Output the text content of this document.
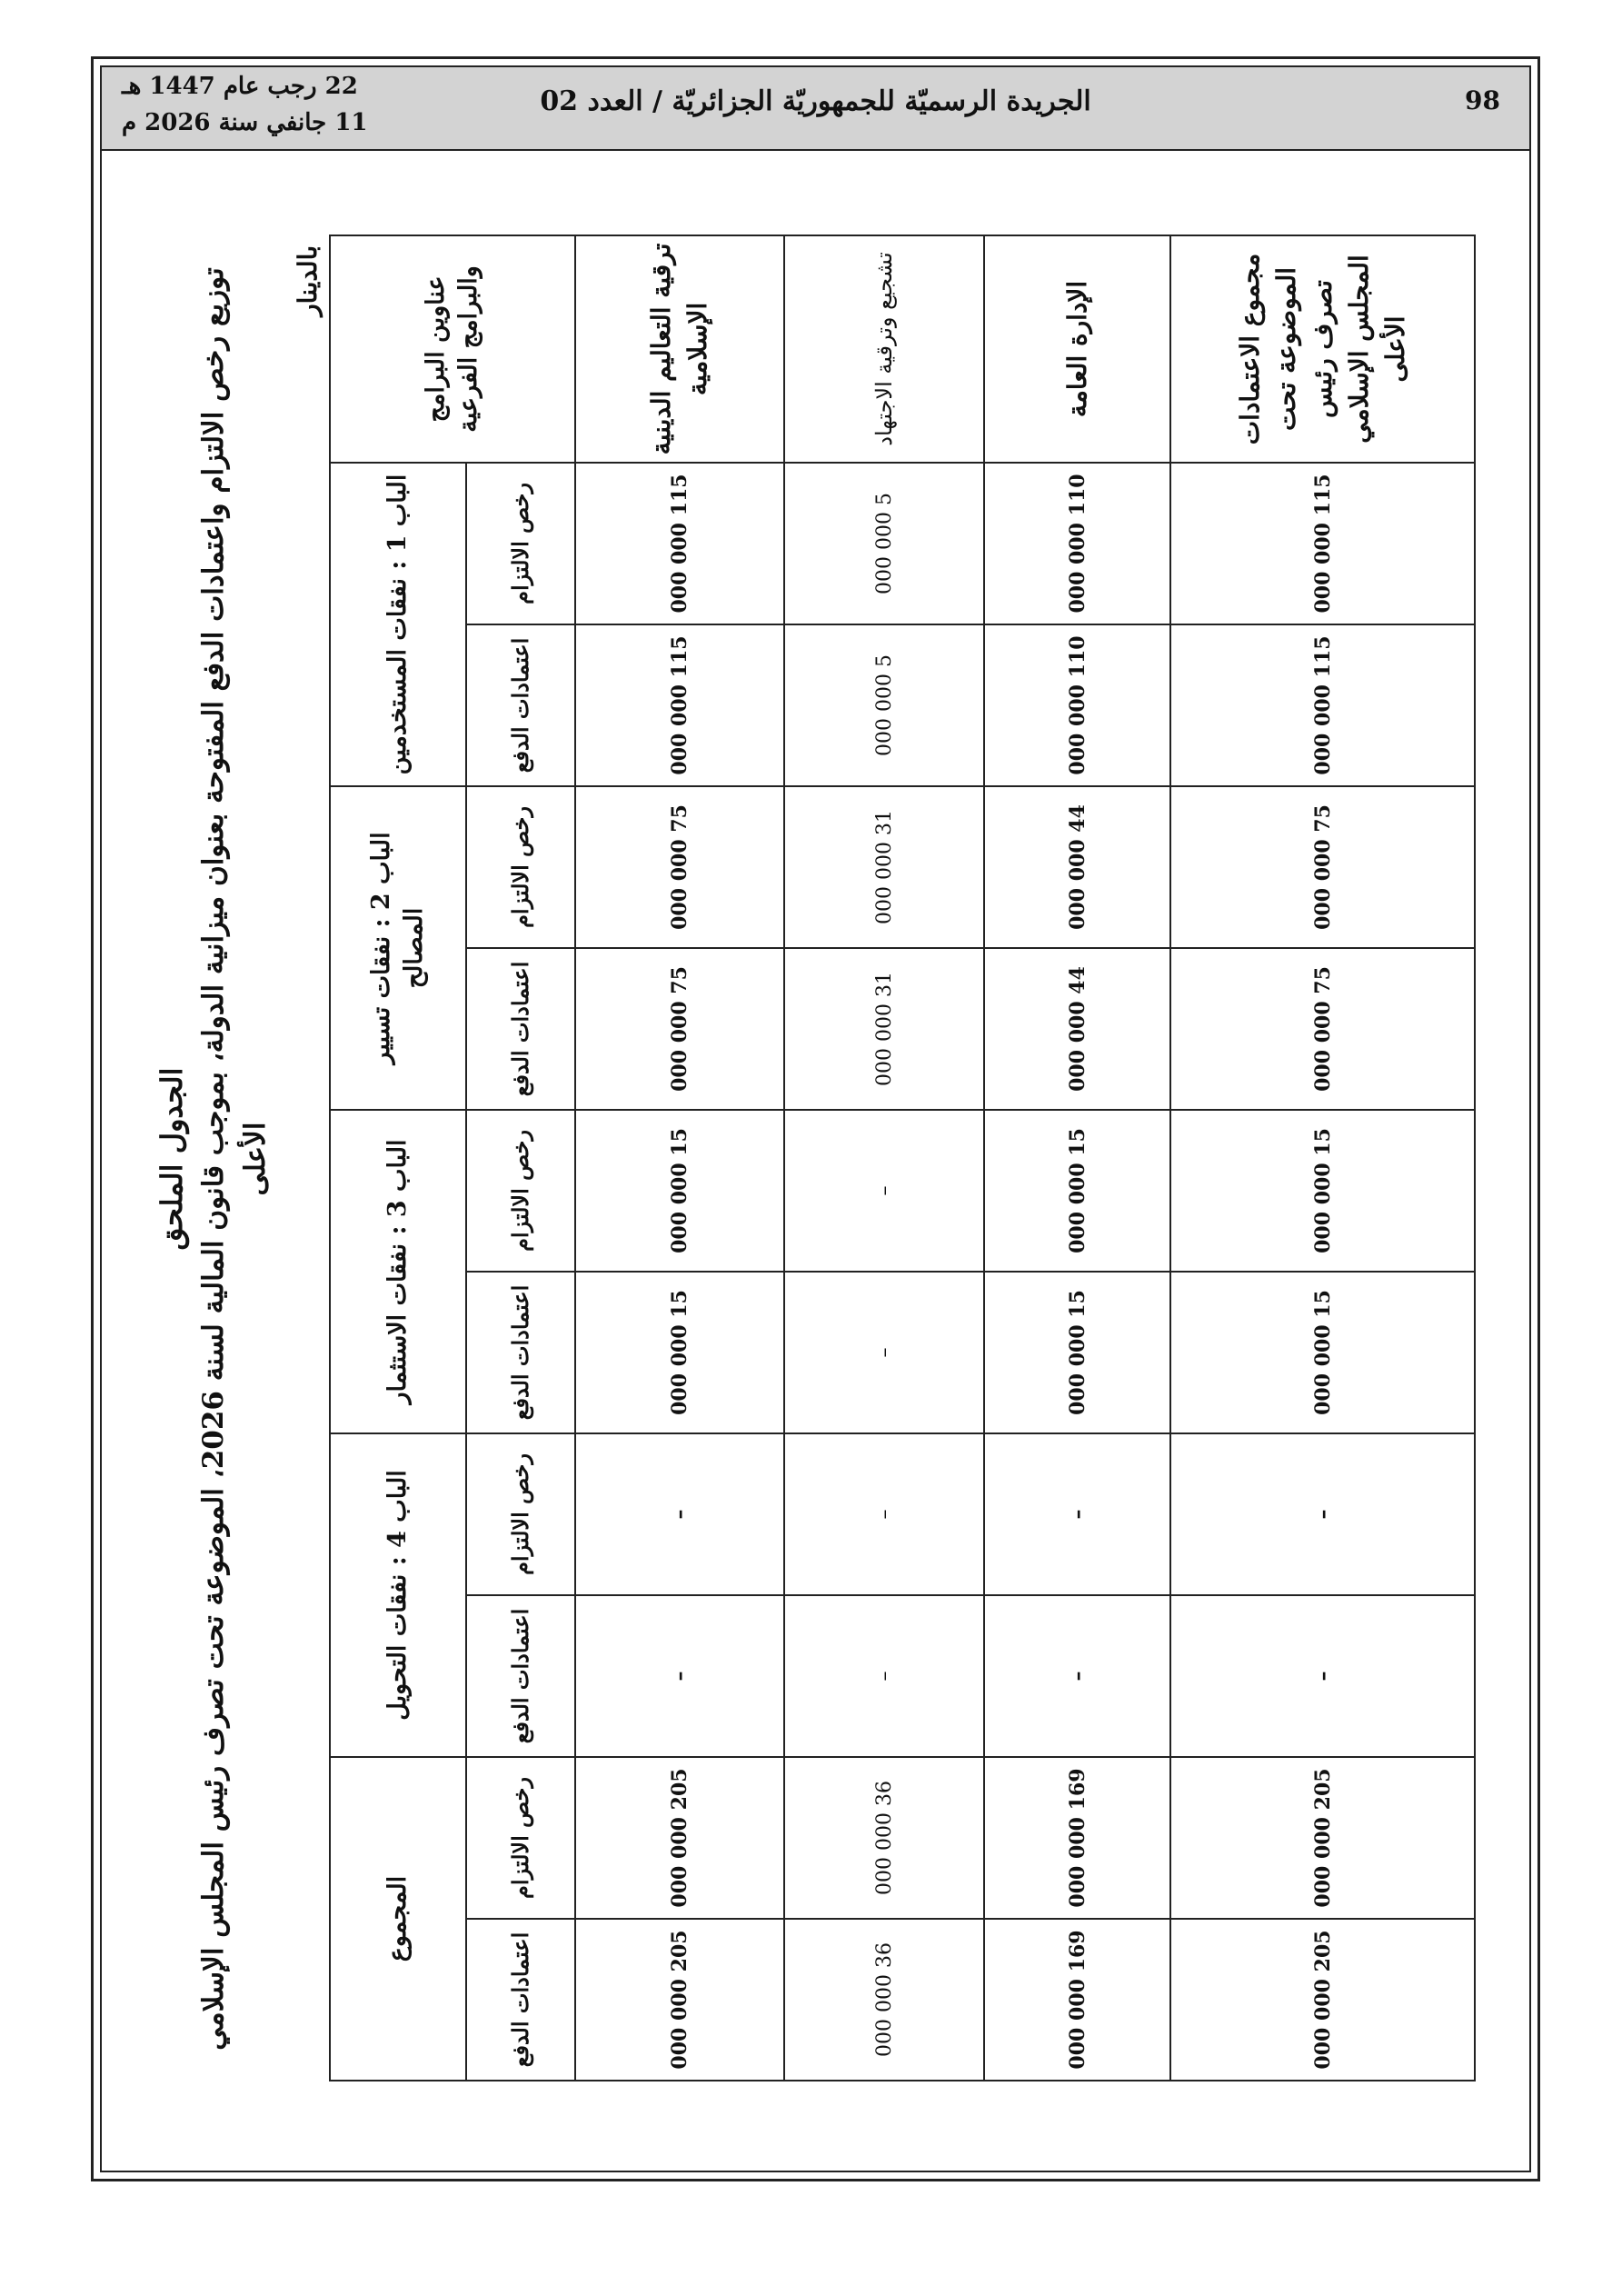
98
الجريدة الرسميّة للجمهوريّة الجزائريّة / العدد 02
22 رجب عام 1447 هـ
11 جانفي سنة 2026 م
الجدول الملحق
توزيع رخص الالتزام واعتمادات الدفع المفتوحة بعنوان ميزانية الدولة، بموجب قانون المالية لسنة 2026، الموضوعة تحت تصرف رئيس المجلس الإسلامي الأعلى
بالدينار	عناوين البرامج والبرامج الفرعية	الباب 1 : نفقات المستخدمين		الباب 2 : نفقات تسيير المصالح		الباب 3 : نفقات الاستثمار		الباب 4 : نفقات التحويل		المجموع	
	رخص الالتزام	اعتمادات الدفع	رخص الالتزام	اعتمادات الدفع	رخص الالتزام	اعتمادات الدفع	رخص الالتزام	اعتمادات الدفع	رخص الالتزام	اعتمادات الدفع
ترقية التعاليم الدينية الإسلامية	115 000 000	115 000 000	75 000 000	75 000 000	15 000 000	15 000 000	–	–	205 000 000	205 000 000
تشجيع وترقية الاجتهاد	5 000 000	5 000 000	31 000 000	31 000 000	–	–	–	–	36 000 000	36 000 000
الإدارة العامة	110 000 000	110 000 000	44 000 000	44 000 000	15 000 000	15 000 000	–	–	169 000 000	169 000 000
مجموع الاعتمادات الموضوعة تحت تصرف رئيس المجلس الإسلامي الأعلى	115 000 000	115 000 000	75 000 000	75 000 000	15 000 000	15 000 000	–	–	205 000 000	205 000 000
